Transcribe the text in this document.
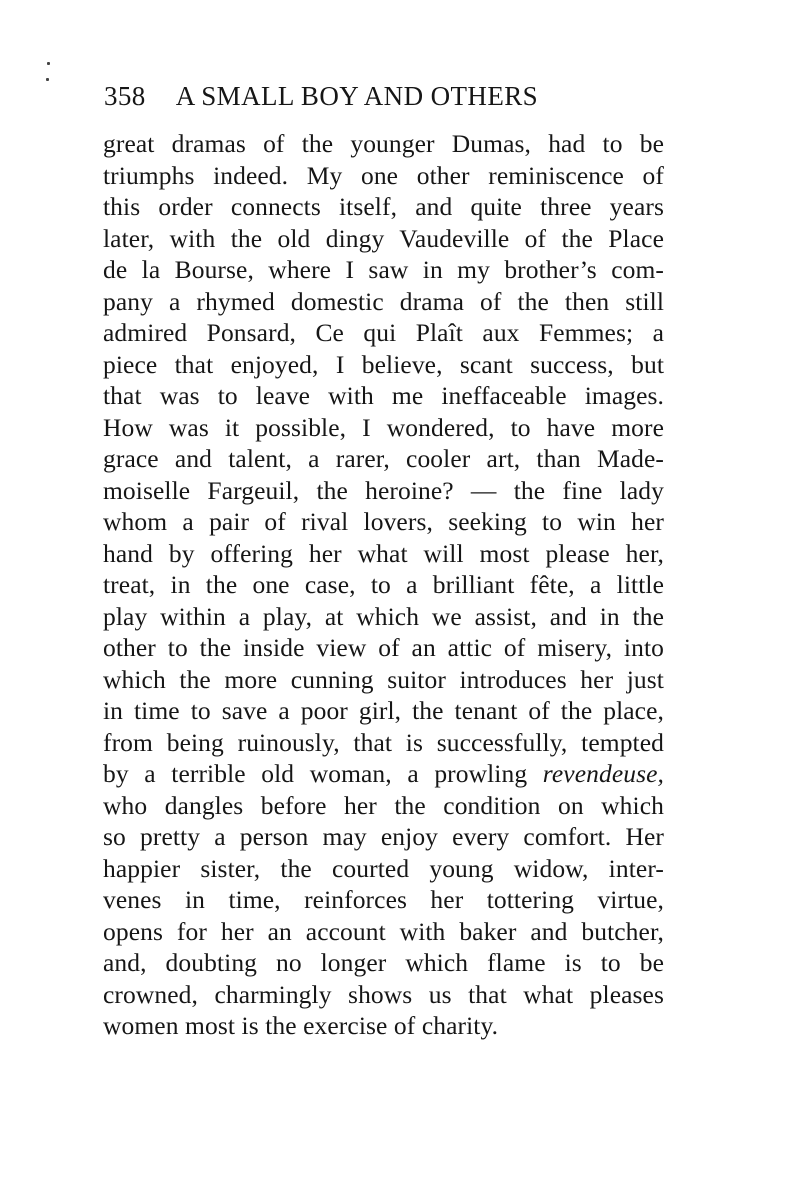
358 A SMALL BOY AND OTHERS
great dramas of the younger Dumas, had to be
triumphs indeed. My one other reminiscence of
this order connects itself, and quite three years
later, with the old dingy Vaudeville of the Place
de la Bourse, where I saw in my brother’s com-
pany a rhymed domestic drama of the then still
admired Ponsard, Ce qui Plaît aux Femmes; a
piece that enjoyed, I believe, scant success, but
that was to leave with me ineffaceable images.
How was it possible, I wondered, to have more
grace and talent, a rarer, cooler art, than Made-
moiselle Fargeuil, the heroine? — the fine lady
whom a pair of rival lovers, seeking to win her
hand by offering her what will most please her,
treat, in the one case, to a brilliant fête, a little
play within a play, at which we assist, and in the
other to the inside view of an attic of misery, into
which the more cunning suitor introduces her just
in time to save a poor girl, the tenant of the place,
from being ruinously, that is successfully, tempted
by a terrible old woman, a prowling revendeuse,
who dangles before her the condition on which
so pretty a person may enjoy every comfort. Her
happier sister, the courted young widow, inter-
venes in time, reinforces her tottering virtue,
opens for her an account with baker and butcher,
and, doubting no longer which flame is to be
crowned, charmingly shows us that what pleases
women most is the exercise of charity.
